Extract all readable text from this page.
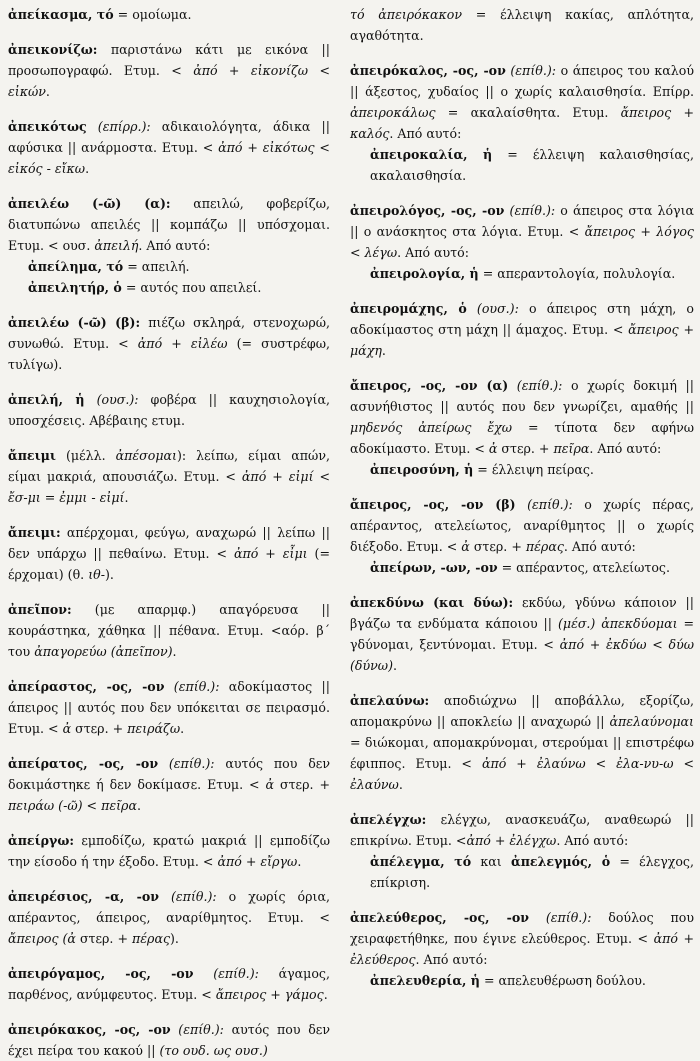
ἀπείκασμα, τό = ομοίωμα.

ἀπεικονίζω: παριστάνω κάτι με εικόνα || προσωπογραφώ. Ετυμ. < ἀπό + εἰκονίζω < εἰκών.

ἀπεικότως (επίρρ.): αδικαιολόγητα, άδικα || αφύσικα || ανάρμοστα. Ετυμ. < ἀπό + εἰκότως < εἰκός - εἴκω.

ἀπειλέω (-ῶ) (α): απειλώ, φοβερίζω, διατυπώνω απειλές || κομπάζω || υπόσχομαι. Ετυμ. < ουσ. ἀπειλή. Από αυτό:

ἀπείλημα, τό = απειλή.

ἀπειλητήρ, ὁ = αυτός που απειλεί.

ἀπειλέω (-ῶ) (β): πιέζω σκληρά, στενοχωρώ, συνωθώ. Ετυμ. < ἀπό + εἰλέω (= συστρέφω, τυλίγω).

ἀπειλή, ἡ (ουσ.): φοβέρα || καυχησιολογία, υποσχέσεις. Αβέβαιης ετυμ.

ἄπειμι (μέλλ. ἀπέσομαι): λείπω, είμαι απών, είμαι μακριά, απουσιάζω. Ετυμ. < ἀπό + εἰμί < ἔσ-μι = ἐμμι - εἰμί.

ἄπειμι: απέρχομαι, φεύγω, αναχωρώ || λείπω || δεν υπάρχω || πεθαίνω. Ετυμ. < ἀπό + εἶμι (= έρχομαι) (θ. ιθ-).

ἀπεῖπον: (με απαρμφ.) απαγόρευσα || κουράστηκα, χάθηκα || πέθανα. Ετυμ. <αόρ. β΄ του ἀπαγορεύω (ἀπεῖπον).

ἀπείραστος, -ος, -ον (επίθ.): αδοκίμαστος || άπειρος || αυτός που δεν υπόκειται σε πειρασμό. Ετυμ. < ἀ στερ. + πειράζω.

ἀπείρατος, -ος, -ον (επίθ.): αυτός που δεν δοκιμάστηκε ή δεν δοκίμασε. Ετυμ. < ἀ στερ. + πειράω (-ῶ) < πεῖρα.

ἀπείργω: εμποδίζω, κρατώ μακριά || εμποδίζω την είσοδο ή την έξοδο. Ετυμ. < ἀπό + εἴργω.

ἀπειρέσιος, -α, -ον (επίθ.): ο χωρίς όρια, απέραντος, άπειρος, αναρίθμητος. Ετυμ. < ἄπειρος (ἀ στερ. + πέρας).

ἀπειρόγαμος, -ος, -ον (επίθ.): άγαμος, παρθένος, ανύμφευτος. Ετυμ. < ἄπειρος + γάμος.

ἀπειρόκακος, -ος, -ον (επίθ.): αυτός που δεν έχει πείρα του κακού || (το ουδ. ως ουσ.)

τό ἀπειρόκακον = έλλειψη κακίας, απλότητα, αγαθότητα.

ἀπειρόκαλος, -ος, -ον (επίθ.): ο άπειρος του καλού || άξεστος, χυδαίος || ο χωρίς καλαισθησία. Επίρρ. ἀπειροκάλως = ακαλαίσθητα. Ετυμ. ἄπειρος + καλός. Από αυτό:

ἀπειροκαλία, ἡ = έλλειψη καλαισθησίας, ακαλαισθησία.

ἀπειρολόγος, -ος, -ον (επίθ.): ο άπειρος στα λόγια || ο ανάσκητος στα λόγια. Ετυμ. < ἄπειρος + λόγος < λέγω. Από αυτό:

ἀπειρολογία, ἡ = απεραντολογία, πολυλογία.

ἀπειρομάχης, ὁ (ουσ.): ο άπειρος στη μάχη, ο αδοκίμαστος στη μάχη || άμαχος. Ετυμ. < ἄπειρος + μάχη.

ἄπειρος, -ος, -ον (α) (επίθ.): ο χωρίς δοκιμή || ασυνήθιστος || αυτός που δεν γνωρίζει, αμαθής || μηδενός ἀπείρως ἔχω = τίποτα δεν αφήνω αδοκίμαστο. Ετυμ. < ἀ στερ. + πεῖρα. Από αυτό:

ἀπειροσύνη, ἡ = έλλειψη πείρας.

ἄπειρος, -ος, -ον (β) (επίθ.): ο χωρίς πέρας, απέραντος, ατελείωτος, αναρίθμητος || ο χωρίς διέξοδο. Ετυμ. < ἀ στερ. + πέρας. Από αυτό:

ἀπείρων, -ων, -ον = απέραντος, ατελείωτος.

ἀπεκδύνω (και δύω): εκδύω, γδύνω κάποιον || βγάζω τα ενδύματα κάποιου || (μέσ.) ἀπεκδύομαι = γδύνομαι, ξεντύνομαι. Ετυμ. < ἀπό + ἐκδύω < δύω (δύνω).

ἀπελαύνω: αποδιώχνω || αποβάλλω, εξορίζω, απομακρύνω || αποκλείω || αναχωρώ || ἀπελαύνομαι = διώκομαι, απομακρύνομαι, στερούμαι || επιστρέφω έφιππος. Ετυμ. < ἀπό + ἐλαύνω < ἐλα-νυ-ω < ἐλαύνω.

ἀπελέγχω: ελέγχω, ανασκευάζω, αναθεωρώ || επικρίνω. Ετυμ. <ἀπό + ἐλέγχω. Από αυτό:

ἀπέλεγμα, τό και ἀπελεγμός, ὁ = έλεγχος, επίκριση.

ἀπελεύθερος, -ος, -ον (επίθ.): δούλος που χειραφετήθηκε, που έγινε ελεύθερος. Ετυμ. < ἀπό + ἐλεύθερος. Από αυτό:

ἀπελευθερία, ἡ = απελευθέρωση δούλου.
